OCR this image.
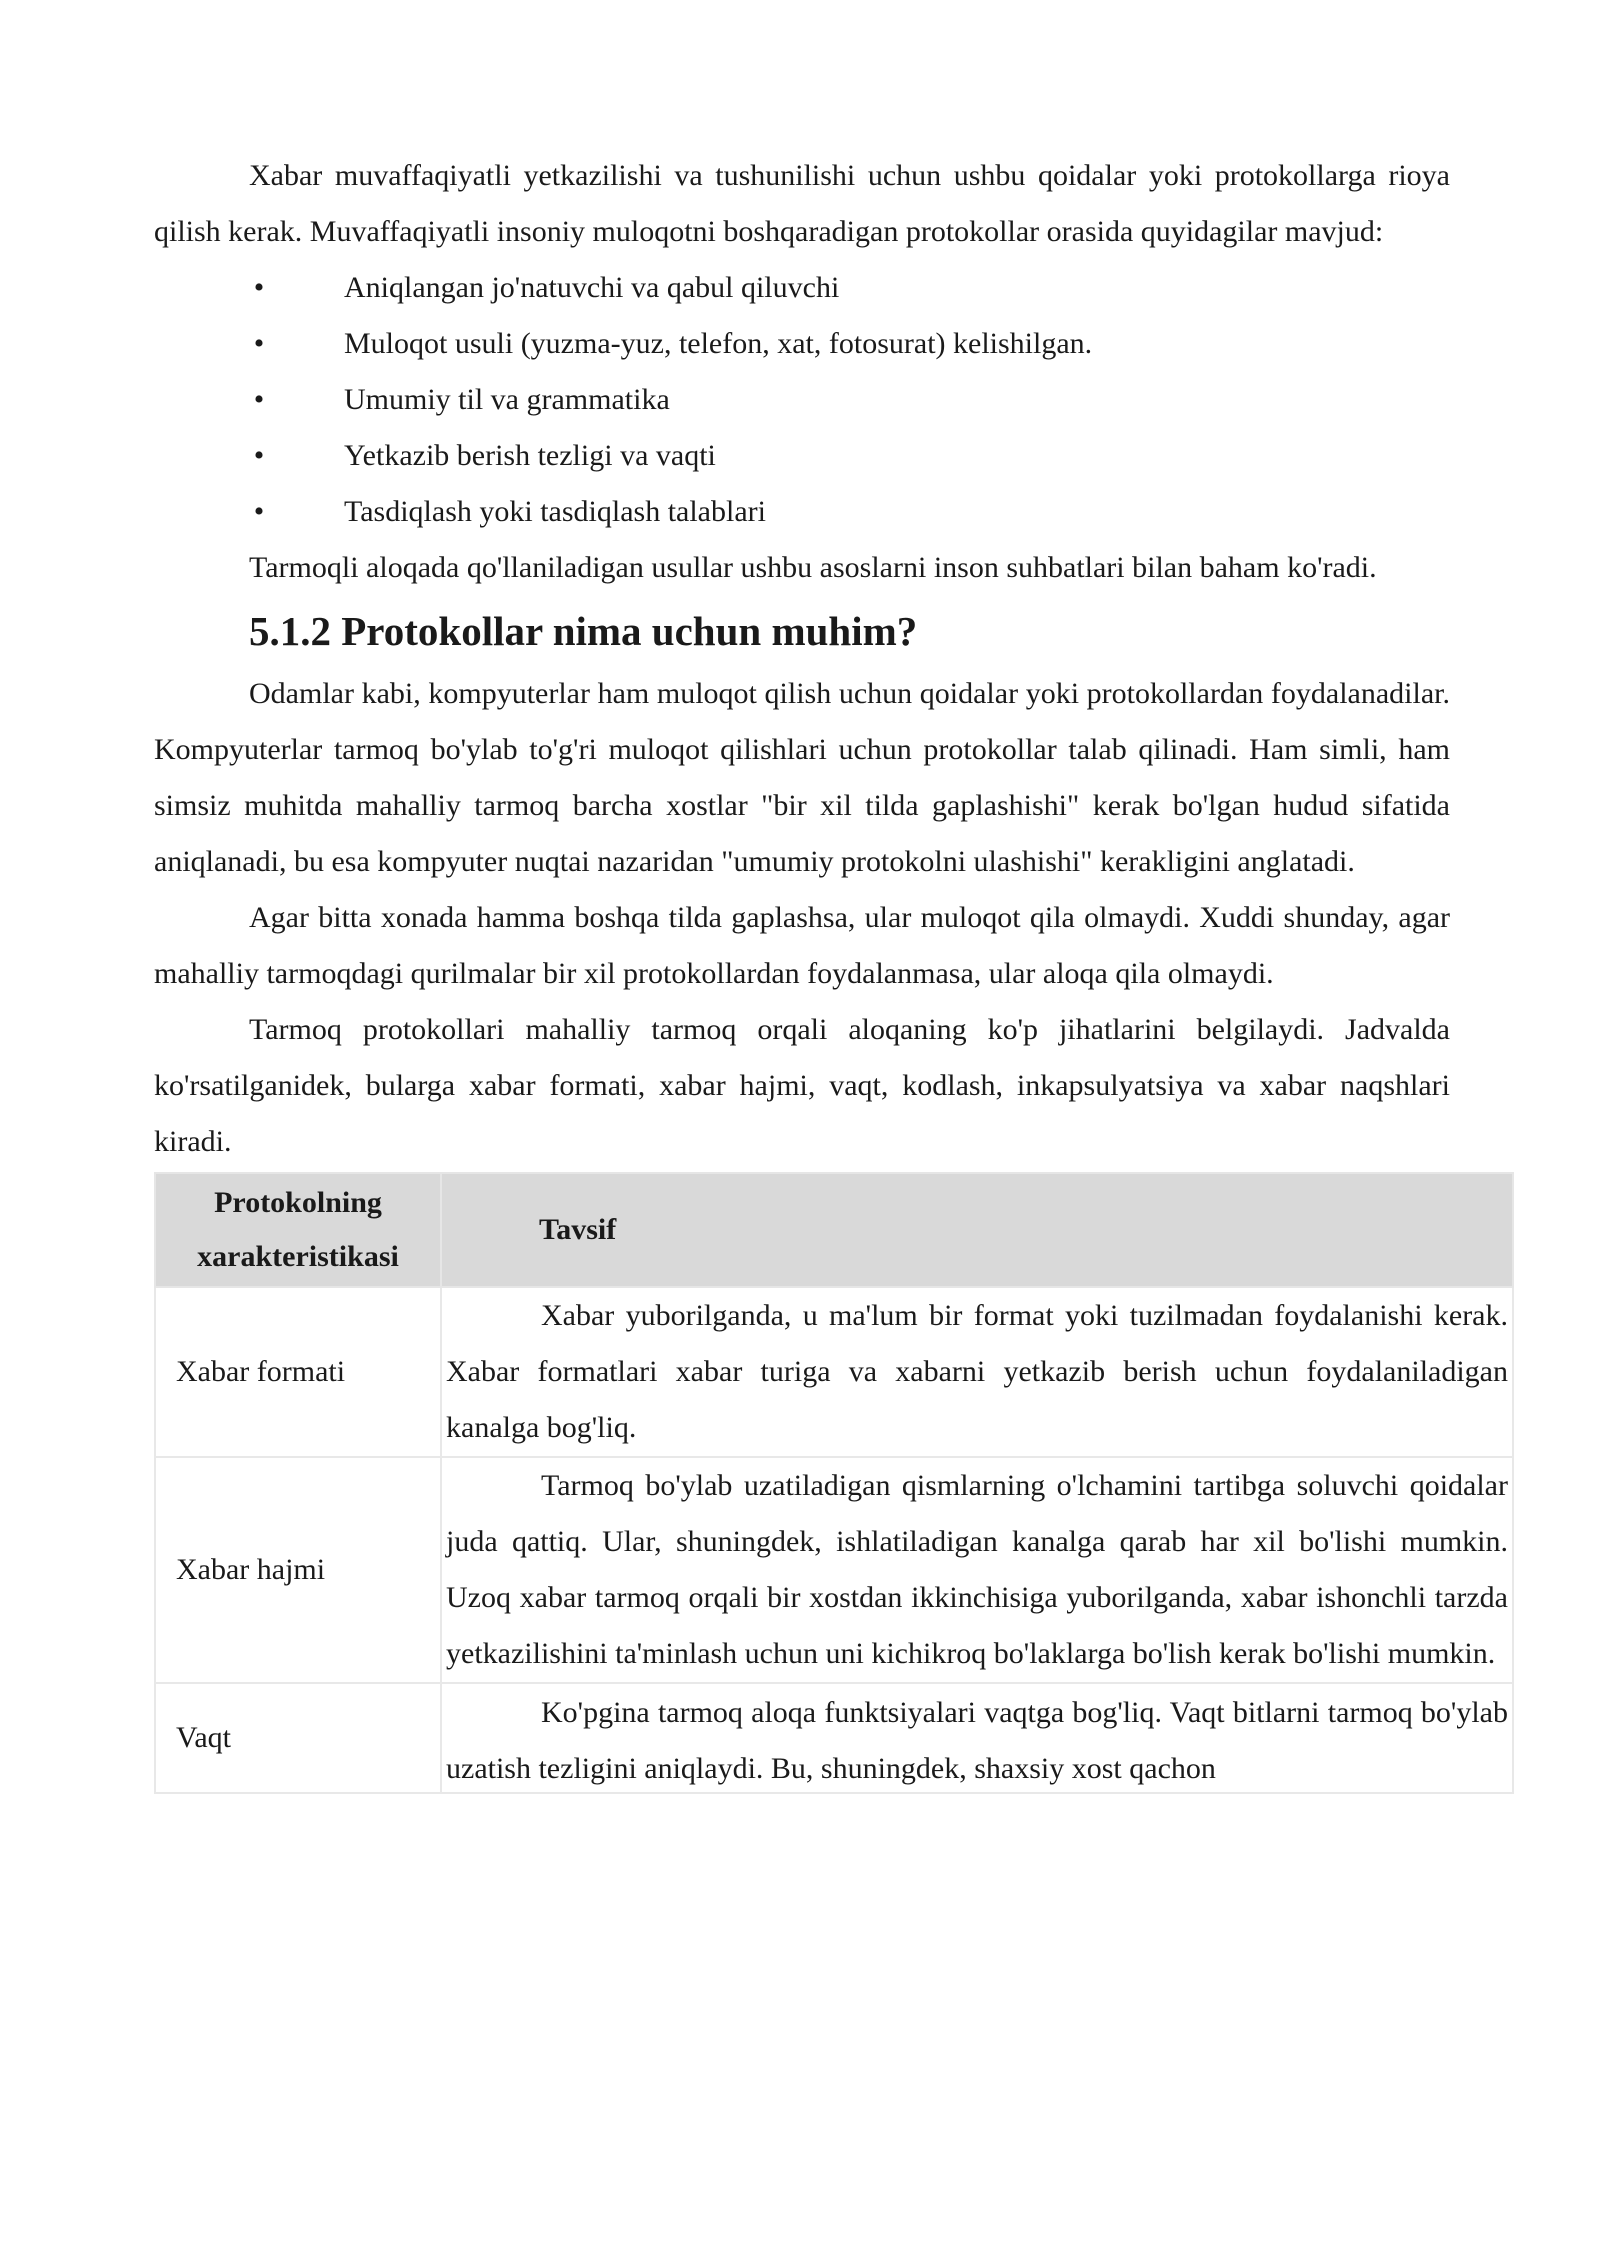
Xabar muvaffaqiyatli yetkazilishi va tushunilishi uchun ushbu qoidalar yoki protokollarga rioya qilish kerak. Muvaffaqiyatli insoniy muloqotni boshqaradigan protokollar orasida quyidagilar mavjud:

•	Aniqlangan jo'natuvchi va qabul qiluvchi
•	Muloqot usuli (yuzma-yuz, telefon, xat, fotosurat) kelishilgan.
•	Umumiy til va grammatika
•	Yetkazib berish tezligi va vaqti
•	Tasdiqlash yoki tasdiqlash talablari

Tarmoqli aloqada qo'llaniladigan usullar ushbu asoslarni inson suhbatlari bilan baham ko'radi.

5.1.2 Protokollar nima uchun muhim?

Odamlar kabi, kompyuterlar ham muloqot qilish uchun qoidalar yoki protokollardan foydalanadilar. Kompyuterlar tarmoq bo'ylab to'g'ri muloqot qilishlari uchun protokollar talab qilinadi. Ham simli, ham simsiz muhitda mahalliy tarmoq barcha xostlar "bir xil tilda gaplashishi" kerak bo'lgan hudud sifatida aniqlanadi, bu esa kompyuter nuqtai nazaridan "umumiy protokolni ulashishi" kerakligini anglatadi.

Agar bitta xonada hamma boshqa tilda gaplashsa, ular muloqot qila olmaydi. Xuddi shunday, agar mahalliy tarmoqdagi qurilmalar bir xil protokollardan foydalanmasa, ular aloqa qila olmaydi.

Tarmoq protokollari mahalliy tarmoq orqali aloqaning ko'p jihatlarini belgilaydi. Jadvalda ko'rsatilganidek, bularga xabar formati, xabar hajmi, vaqt, kodlash, inkapsulyatsiya va xabar naqshlari kiradi.

Protokolning xarakteristikasi	Tavsif
Xabar formati	Xabar yuborilganda, u ma'lum bir format yoki tuzilmadan foydalanishi kerak. Xabar formatlari xabar turiga va xabarni yetkazib berish uchun foydalaniladigan kanalga bog'liq.
Xabar hajmi	Tarmoq bo'ylab uzatiladigan qismlarning o'lchamini tartibga soluvchi qoidalar juda qattiq. Ular, shuningdek, ishlatiladigan kanalga qarab har xil bo'lishi mumkin. Uzoq xabar tarmoq orqali bir xostdan ikkinchisiga yuborilganda, xabar ishonchli tarzda yetkazilishini ta'minlash uchun uni kichikroq bo'laklarga bo'lish kerak bo'lishi mumkin.
Vaqt	Ko'pgina tarmoq aloqa funktsiyalari vaqtga bog'liq. Vaqt bitlarni tarmoq bo'ylab uzatish tezligini aniqlaydi. Bu, shuningdek, shaxsiy xost qachon
